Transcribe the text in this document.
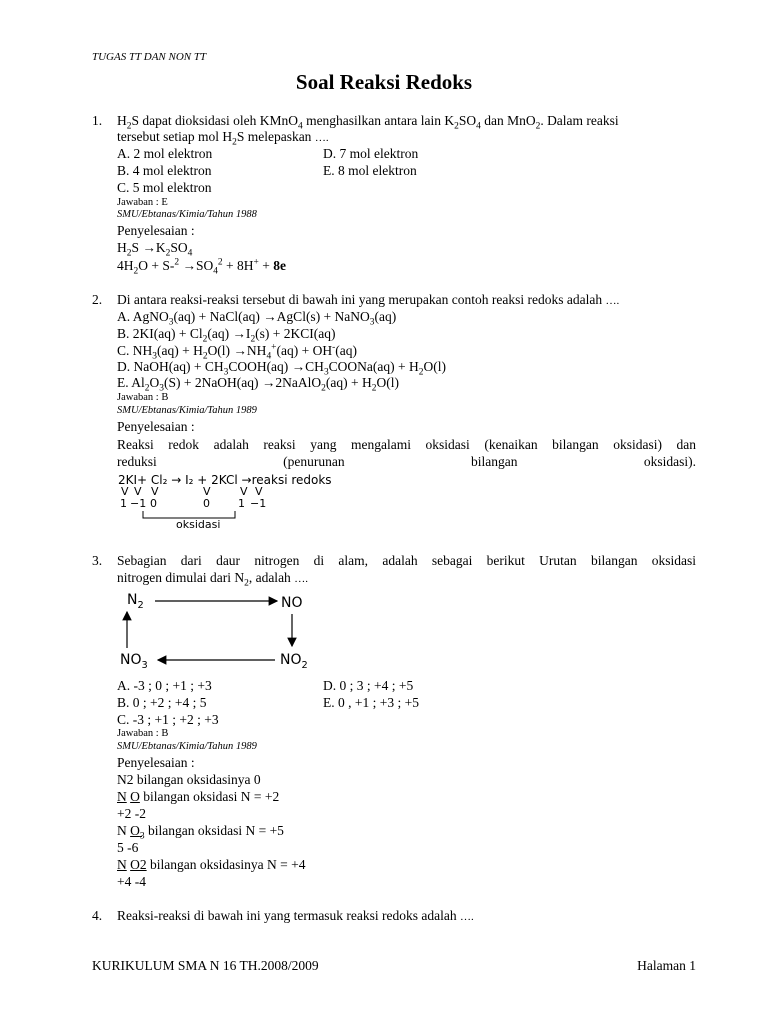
TUGAS TT DAN NON TT
Soal Reaksi Redoks
1. $H_2S$ dapat dioksidasi oleh KMnO$_4$ menghasilkan antara lain $K_2SO_4$ dan MnO$_2$. Dalam reaksi
tersebut setiap mol $H_2S$ melepaskan ….
A. 2 mol elektron
B. 4 mol elektron
C. 5 mol elektron
D. 7 mol elektron
E. 8 mol elektron
Jawaban : E
SMU/Ebtanas/Kimia/Tahun 1988
Penyelesaian :
$H_2S \to K_2SO_4$
$4H_2O + S-^2 \to SO_4^2 + 8H^+ + 8e$
2. Di antara reaksi-reaksi tersebut di bawah ini yang merupakan contoh reaksi redoks adalah ….
A. AgNO$_3$(aq) + NaCl(aq) →AgCl(s) + NaNO$_3$(aq)
B. $2KI(aq) + Cl_2(aq) \to I_2(s) + 2KCI(aq)$
C. $NH_3(aq) + H_2O(l) \to NH_4^+(aq) + OH^-(aq)$
D. NaOH(aq) + $CH_3COOH(aq)$ $\to CH_3COONa(aq) + H_2O(l)$
E. $Al_2O_3(S)$ + 2NaOH(aq) →2NaAlO$_2$(aq) + $H_2O(l)$
Jawaban : B
SMU/Ebtanas/Kimia/Tahun 1989
Penyelesaian :
Reaksi redok adalah reaksi yang mengalami oksidasi (kenaikan bilangan oksidasi) dan
reduksi	(penurunan	bilangan	oksidasi).
2KI+ Cl₂ → I₂ + 2KCl →reaksi redoks
V V V	V	V V
1 −1 0	0	1 −1
oksidasi
3. Sebagian dari daur nitrogen di alam, adalah sebagai berikut Urutan bilangan oksidasi
nitrogen dimulai dari $N_2$, adalah ….
$N_2$	NO
$NO_3$	$NO_2$
A. -3 ; 0 ; +1 ; +3
B. 0 ; +2 ; +4 ; 5
C. -3 ; +1 ; +2 ; +3
D. 0 ; 3 ; +4 ; +5
E. 0 , +1 ; +3 ; +5
Jawaban : B
SMU/Ebtanas/Kimia/Tahun 1989
Penyelesaian :
N2 bilangan oksidasinya 0
N O bilangan oksidasi N = +2
+2 -2
N $O_3$ bilangan oksidasi N = +5
5 -6
N O2 bilangan oksidasinya N = +4
+4 -4
4. Reaksi-reaksi di bawah ini yang termasuk reaksi redoks adalah ….
KURIKULUM SMA N 16 TH.2008/2009	Halaman 1
